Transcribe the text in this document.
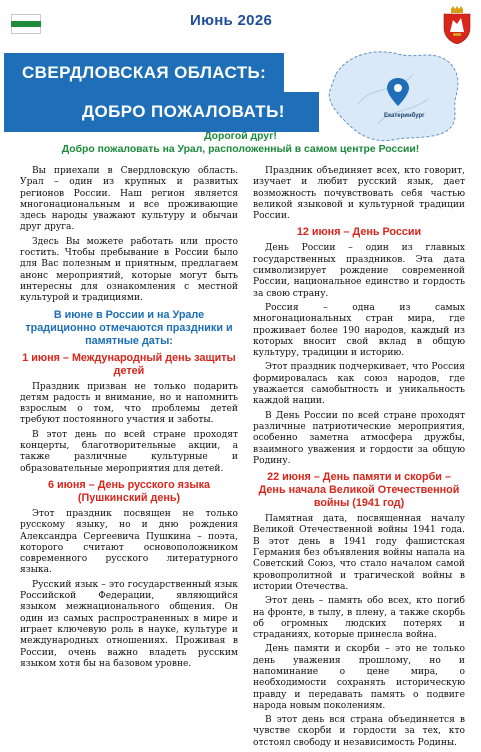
Июнь 2026
Екатеринбург
СВЕРДЛОВСКАЯ ОБЛАСТЬ:
ДОБРО ПОЖАЛОВАТЬ!
Дорогой друг!
Добро пожаловать на Урал, расположенный в самом центре России!

Вы приехали в Свердловскую область. Урал – один из крупных и развитых регионов России. Наш регион является многонациональным и все проживающие здесь народы уважают культуру и обычаи друг друга.

Здесь Вы можете работать или просто гостить. Чтобы пребывание в России было для Вас полезным и приятным, предлагаем анонс мероприятий, которые могут быть интересны для ознакомления с местной культурой и традициями.

В июне в России и на Урале традиционно отмечаются праздники и памятные даты:
1 июня – Международный день защиты детей

Праздник призван не только подарить детям радость и внимание, но и напомнить взрослым о том, что проблемы детей требуют постоянного участия и заботы.

В этот день по всей стране проходят концерты, благотворительные акции, а также различные культурные и образовательные мероприятия для детей.

6 июня – День русского языка (Пушкинский день)

Этот праздник посвящен не только русскому языку, но и дню рождения Александра Сергеевича Пушкина – поэта, которого считают основоположником современного русского литературного языка.

Русский язык – это государственный язык Российской Федерации, являющийся языком межнационального общения. Он один из самых распространенных в мире и играет ключевую роль в науке, культуре и международных отношениях. Проживая в России, очень важно владеть русским языком хотя бы на базовом уровне.

Праздник объединяет всех, кто говорит, изучает и любит русский язык, дает возможность почувствовать себя частью великой языковой и культурной традиции России.

12 июня – День России

День России – один из главных государственных праздников. Эта дата символизирует рождение современной России, национальное единство и гордость за свою страну.

Россия – одна из самых многонациональных стран мира, где проживает более 190 народов, каждый из которых вносит свой вклад в общую культуру, традиции и историю.

Этот праздник подчеркивает, что Россия формировалась как союз народов, где уважается самобытность и уникальность каждой нации.

В День России по всей стране проходят различные патриотические мероприятия, особенно заметна атмосфера дружбы, взаимного уважения и гордости за общую Родину.

22 июня – День памяти и скорби – День начала Великой Отечественной войны (1941 год)

Памятная дата, посвященная началу Великой Отечественной войны 1941 года. В этот день в 1941 году фашистская Германия без объявления войны напала на Советский Союз, что стало началом самой кровопролитной и трагической войны в истории Отечества.

Этот день – память обо всех, кто погиб на фронте, в тылу, в плену, а также скорбь об огромных людских потерях и страданиях, которые принесла война.

День памяти и скорби – это не только день уважения прошлому, но и напоминание о цене мира, о необходимости сохранять историческую правду и передавать память о подвиге народа новым поколениям.

В этот день вся страна объединяется в чувстве скорби и гордости за тех, кто отстоял свободу и независимость Родины.
